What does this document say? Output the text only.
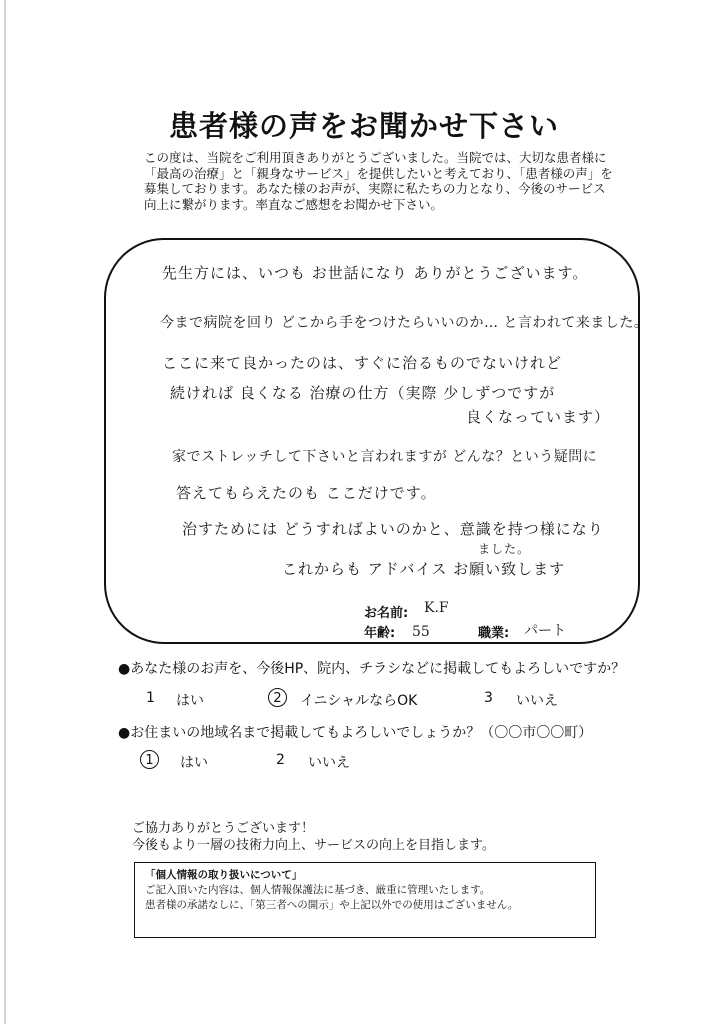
患者様の声をお聞かせ下さい

この度は、当院をご利用頂きありがとうございました。当院では、大切な患者様に「最高の治療」と「親身なサービス」を提供したいと考えており、「患者様の声」を募集しております。あなた様のお声が、実際に私たちの力となり、今後のサービス向上に繋がります。率直なご感想をお聞かせ下さい。

先生方には、いつも お世話になり ありがとうございます。
今まで病院を回り どこから手をつけたらいいのか… と言われて来ました。
ここに来て良かったのは、すぐに治るものでないけれど
続ければ 良くなる 治療の仕方（実際 少しずつですが
良くなっています）
家でストレッチして下さいと言われますが どんな？という疑問に
答えてもらえたのも ここだけです。
治すためには どうすればよいのかと、意識を持つ様になり
ました。
これからも アドバイス お願い致します
お名前: K.F
年齢: 55	職業: パート
●あなた様のお声を、今後HP、院内、チラシなどに掲載してもよろしいですか？
1 はい	2	イニシャルならOK	3 いいえ
●お住まいの地域名まで掲載してもよろしいでしょうか？（〇〇市〇〇町）
1	はい	2 いいえ
ご協力ありがとうございます！
今後もより一層の技術力向上、サービスの向上を目指します。
「個人情報の取り扱いについて」
ご記入頂いた内容は、個人情報保護法に基づき、厳重に管理いたします。
患者様の承諾なしに、「第三者への開示」や上記以外での使用はございません。
